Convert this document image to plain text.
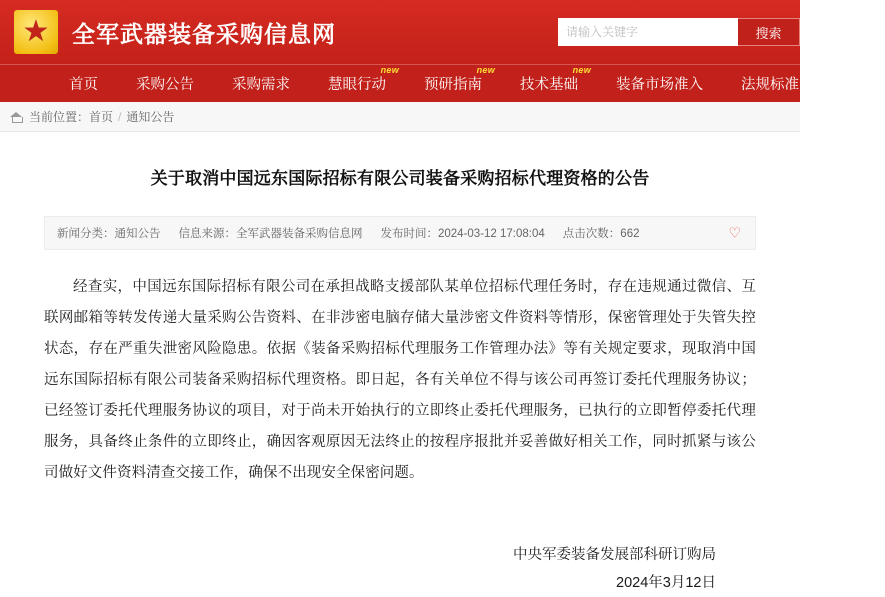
★ 全军武器装备采购信息网
请输入关键字	搜索
首页	采购公告	采购需求	慧眼行动
new
预研指南
new
技术基础
new
装备市场准入	法规标准	服务
当前位置： 首页 / 通知公告
关于取消中国远东国际招标有限公司装备采购招标代理资格的公告
新闻分类：通知公告 信息来源：全军武器装备采购信息网 发布时间：2024-03-12 17:08:04 点击次数：662	♡
经查实，中国远东国际招标有限公司在承担战略支援部队某单位招标代理任务时，存在违规通过微信、互联网邮箱等转发传递大量采购公告资料、在非涉密电脑存储大量涉密文件资料等情形，保密管理处于失管失控状态，存在严重失泄密风险隐患。依据《装备采购招标代理服务工作管理办法》等有关规定要求，现取消中国远东国际招标有限公司装备采购招标代理资格。即日起，各有关单位不得与该公司再签订委托代理服务协议；已经签订委托代理服务协议的项目，对于尚未开始执行的立即终止委托代理服务，已执行的立即暂停委托代理服务，具备终止条件的立即终止，确因客观原因无法终止的按程序报批并妥善做好相关工作，同时抓紧与该公司做好文件资料清查交接工作，确保不出现安全保密问题。
中央军委装备发展部科研订购局
2024年3月12日
